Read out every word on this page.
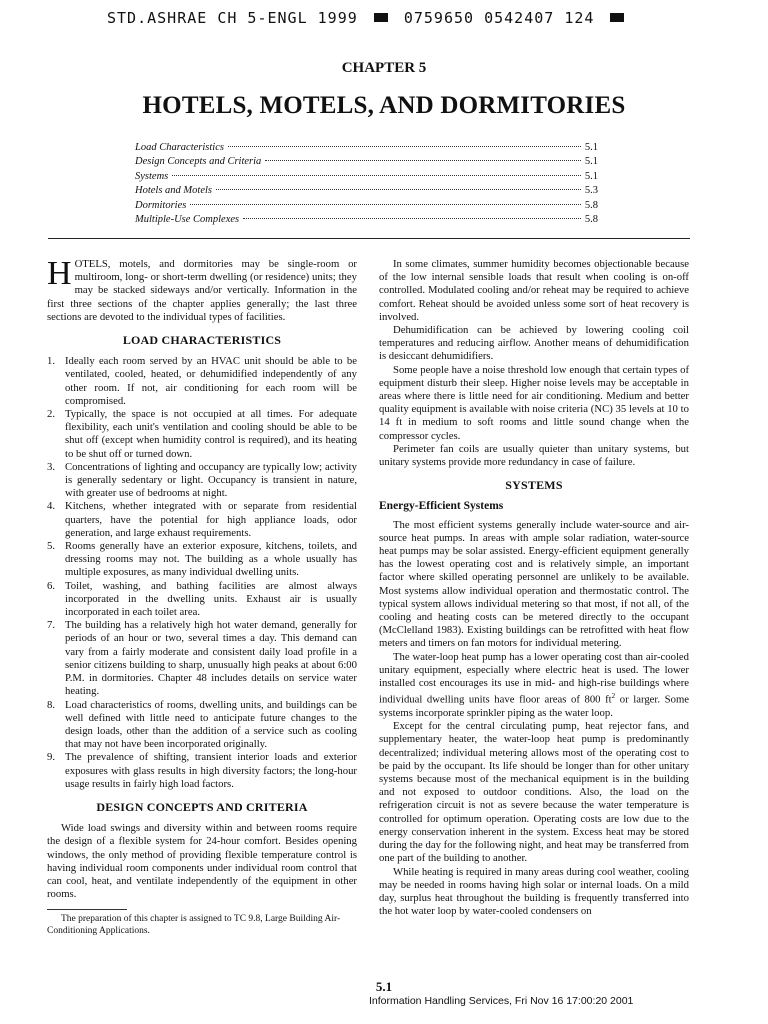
STD.ASHRAE CH 5-ENGL 1999	0759650 0542407 124
CHAPTER 5
HOTELS, MOTELS, AND DORMITORIES
Load Characteristics	5.1
Design Concepts and Criteria	5.1
Systems	5.1
Hotels and Motels	5.3
Dormitories	5.8
Multiple-Use Complexes	5.8

HOTELS, motels, and dormitories may be single-room or multiroom, long- or short-term dwelling (or residence) units; they may be stacked sideways and/or vertically. Information in the first three sections of the chapter applies generally; the last three sections are devoted to the individual types of facilities.

LOAD CHARACTERISTICS
1. Ideally each room served by an HVAC unit should be able to be ventilated, cooled, heated, or dehumidified independently of any other room. If not, air conditioning for each room will be compromised.
2. Typically, the space is not occupied at all times. For adequate flexibility, each unit's ventilation and cooling should be able to be shut off (except when humidity control is required), and its heating to be shut off or turned down.
3. Concentrations of lighting and occupancy are typically low; activity is generally sedentary or light. Occupancy is transient in nature, with greater use of bedrooms at night.
4. Kitchens, whether integrated with or separate from residential quarters, have the potential for high appliance loads, odor generation, and large exhaust requirements.
5. Rooms generally have an exterior exposure, kitchens, toilets, and dressing rooms may not. The building as a whole usually has multiple exposures, as many individual dwelling units.
6. Toilet, washing, and bathing facilities are almost always incorporated in the dwelling units. Exhaust air is usually incorporated in each toilet area.
7. The building has a relatively high hot water demand, generally for periods of an hour or two, several times a day. This demand can vary from a fairly moderate and consistent daily load profile in a senior citizens building to sharp, unusually high peaks at about 6:00 P.M. in dormitories. Chapter 48 includes details on service water heating.
8. Load characteristics of rooms, dwelling units, and buildings can be well defined with little need to anticipate future changes to the design loads, other than the addition of a service such as cooling that may not have been incorporated originally.
9. The prevalence of shifting, transient interior loads and exterior exposures with glass results in high diversity factors; the long-hour usage results in fairly high load factors.
DESIGN CONCEPTS AND CRITERIA

Wide load swings and diversity within and between rooms require the design of a flexible system for 24-hour comfort. Besides opening windows, the only method of providing flexible temperature control is having individual room components under individual room control that can cool, heat, and ventilate independently of the equipment in other rooms.

The preparation of this chapter is assigned to TC 9.8, Large Building Air-Conditioning Applications.

In some climates, summer humidity becomes objectionable because of the low internal sensible loads that result when cooling is on-off controlled. Modulated cooling and/or reheat may be required to achieve comfort. Reheat should be avoided unless some sort of heat recovery is involved.

Dehumidification can be achieved by lowering cooling coil temperatures and reducing airflow. Another means of dehumidification is desiccant dehumidifiers.

Some people have a noise threshold low enough that certain types of equipment disturb their sleep. Higher noise levels may be acceptable in areas where there is little need for air conditioning. Medium and better quality equipment is available with noise criteria (NC) 35 levels at 10 to 14 ft in medium to soft rooms and little sound change when the compressor cycles.

Perimeter fan coils are usually quieter than unitary systems, but unitary systems provide more redundancy in case of failure.

SYSTEMS
Energy-Efficient Systems

The most efficient systems generally include water-source and air-source heat pumps. In areas with ample solar radiation, water-source heat pumps may be solar assisted. Energy-efficient equipment generally has the lowest operating cost and is relatively simple, an important factor where skilled operating personnel are unlikely to be available. Most systems allow individual operation and thermostatic control. The typical system allows individual metering so that most, if not all, of the cooling and heating costs can be metered directly to the occupant (McClelland 1983). Existing buildings can be retrofitted with heat flow meters and timers on fan motors for individual metering.

The water-loop heat pump has a lower operating cost than air-cooled unitary equipment, especially where electric heat is used. The lower installed cost encourages its use in mid- and high-rise buildings where individual dwelling units have floor areas of 800 $ft^2$ or larger. Some systems incorporate sprinkler piping as the water loop.

Except for the central circulating pump, heat rejector fans, and supplementary heater, the water-loop heat pump is predominantly decentralized; individual metering allows most of the operating cost to be paid by the occupant. Its life should be longer than for other unitary systems because most of the mechanical equipment is in the building and not exposed to outdoor conditions. Also, the load on the refrigeration circuit is not as severe because the water temperature is controlled for optimum operation. Operating costs are low due to the energy conservation inherent in the system. Excess heat may be stored during the day for the following night, and heat may be transferred from one part of the building to another.

While heating is required in many areas during cool weather, cooling may be needed in rooms having high solar or internal loads. On a mild day, surplus heat throughout the building is frequently transferred into the hot water loop by water-cooled condensers on

5.1
Information Handling Services, Fri Nov 16 17:00:20 2001
